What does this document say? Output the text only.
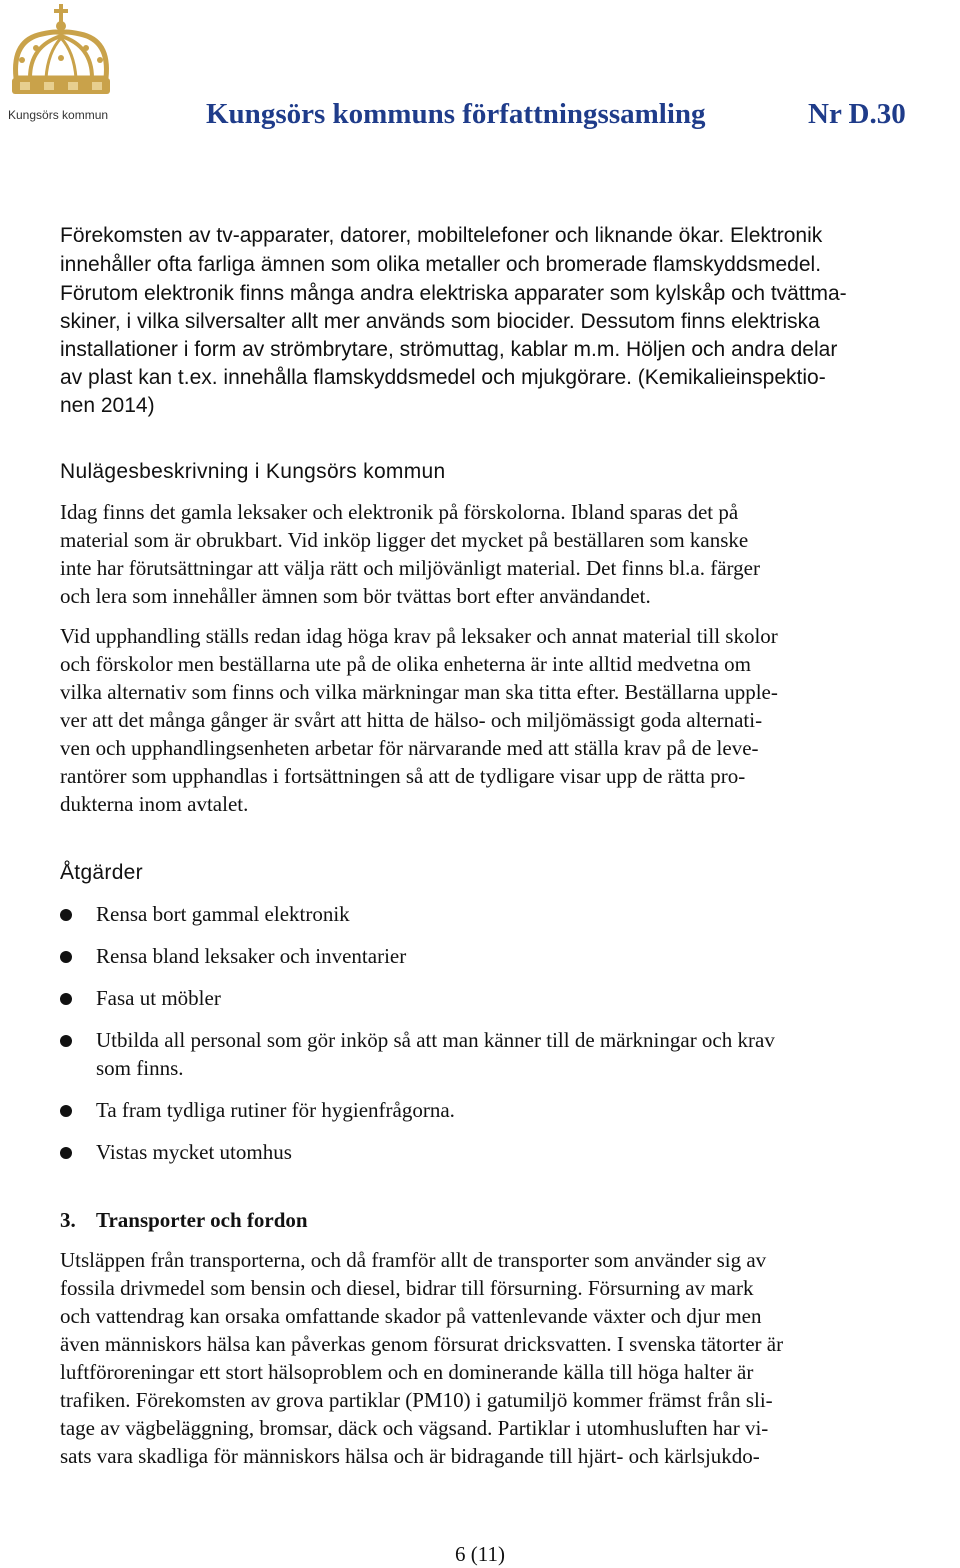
Kungsörs kommun	Kungsörs kommuns författningssamling	Nr D.30
Förekomsten av tv-apparater, datorer, mobiltelefoner och liknande ökar. Elektronik
innehåller ofta farliga ämnen som olika metaller och bromerade flamskyddsmedel.
Förutom elektronik finns många andra elektriska apparater som kylskåp och tvättma-
skiner, i vilka silversalter allt mer används som biocider. Dessutom finns elektriska
installationer i form av strömbrytare, strömuttag, kablar m.m. Höljen och andra delar
av plast kan t.ex. innehålla flamskyddsmedel och mjukgörare. (Kemikalieinspektio-
nen 2014)
Nulägesbeskrivning i Kungsörs kommun
Idag finns det gamla leksaker och elektronik på förskolorna. Ibland sparas det på
material som är obrukbart. Vid inköp ligger det mycket på beställaren som kanske
inte har förutsättningar att välja rätt och miljövänligt material. Det finns bl.a. färger
och lera som innehåller ämnen som bör tvättas bort efter användandet.
Vid upphandling ställs redan idag höga krav på leksaker och annat material till skolor
och förskolor men beställarna ute på de olika enheterna är inte alltid medvetna om
vilka alternativ som finns och vilka märkningar man ska titta efter. Beställarna upple-
ver att det många gånger är svårt att hitta de hälso- och miljömässigt goda alternati-
ven och upphandlingsenheten arbetar för närvarande med att ställa krav på de leve-
rantörer som upphandlas i fortsättningen så att de tydligare visar upp de rätta pro-
dukterna inom avtalet.
Åtgärder
Rensa bort gammal elektronik
Rensa bland leksaker och inventarier
Fasa ut möbler
Utbilda all personal som gör inköp så att man känner till de märkningar och krav
som finns.
Ta fram tydliga rutiner för hygienfrågorna.
Vistas mycket utomhus
3. Transporter och fordon
Utsläppen från transporterna, och då framför allt de transporter som använder sig av
fossila drivmedel som bensin och diesel, bidrar till försurning. Försurning av mark
och vattendrag kan orsaka omfattande skador på vattenlevande växter och djur men
även människors hälsa kan påverkas genom försurat dricksvatten. I svenska tätorter är
luftföroreningar ett stort hälsoproblem och en dominerande källa till höga halter är
trafiken. Förekomsten av grova partiklar (PM10) i gatumiljö kommer främst från sli-
tage av vägbeläggning, bromsar, däck och vägsand. Partiklar i utomhusluften har vi-
sats vara skadliga för människors hälsa och är bidragande till hjärt- och kärlsjukdo-
6 (11)
